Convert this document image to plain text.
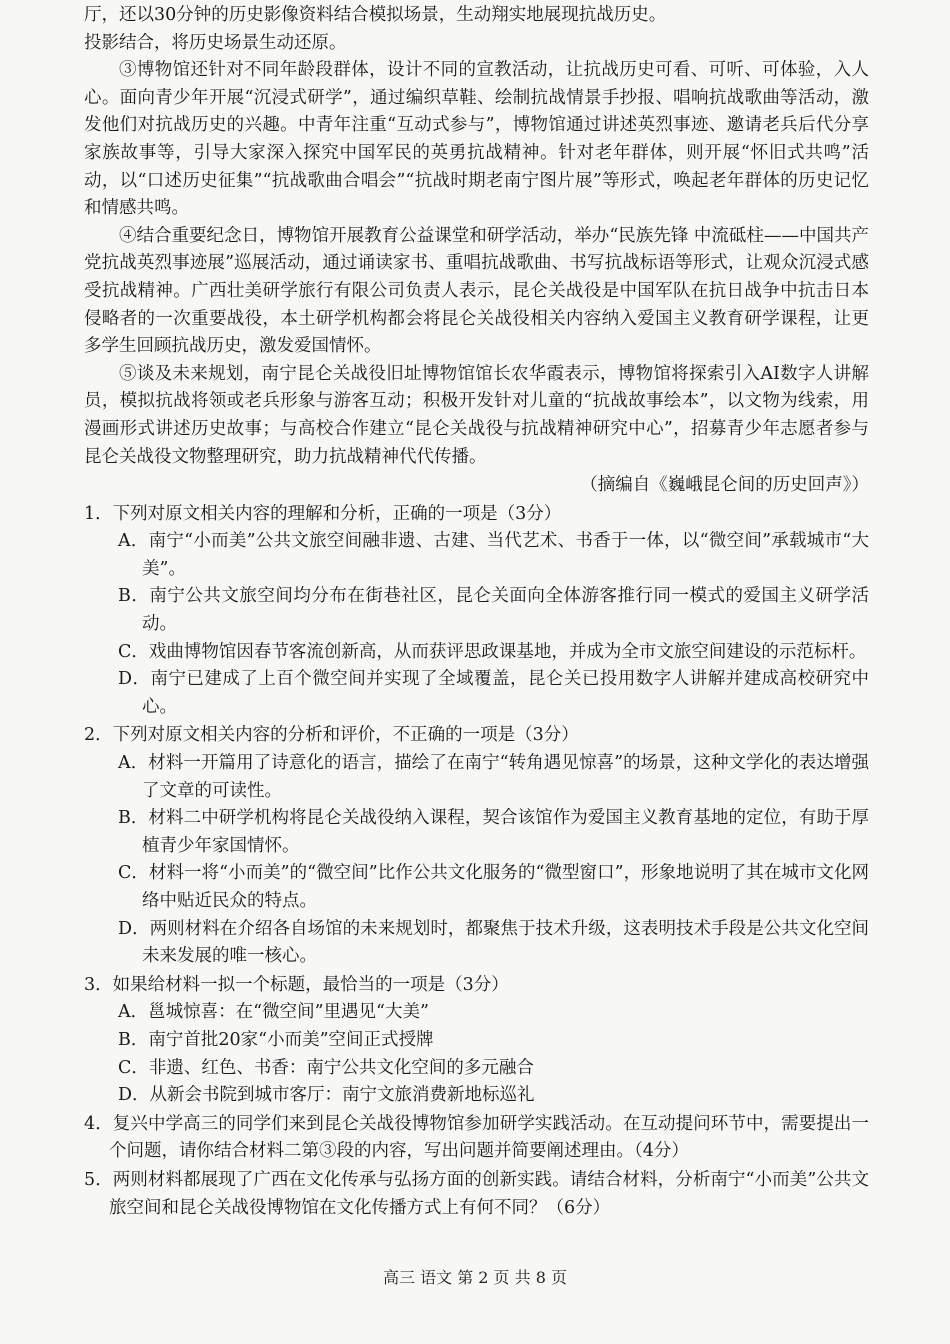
厅，还以30分钟的历史影像资料结合模拟场景，生动翔实地展现抗战历史。

投影结合，将历史场景生动还原。

③博物馆还针对不同年龄段群体，设计不同的宣教活动，让抗战历史可看、可听、可体验，入人心。面向青少年开展“沉浸式研学”，通过编织草鞋、绘制抗战情景手抄报、唱响抗战歌曲等活动，激发他们对抗战历史的兴趣。中青年注重“互动式参与”，博物馆通过讲述英烈事迹、邀请老兵后代分享家族故事等，引导大家深入探究中国军民的英勇抗战精神。针对老年群体，则开展“怀旧式共鸣”活动，以“口述历史征集”“抗战歌曲合唱会”“抗战时期老南宁图片展”等形式，唤起老年群体的历史记忆和情感共鸣。

④结合重要纪念日，博物馆开展教育公益课堂和研学活动，举办“民族先锋 中流砥柱——中国共产党抗战英烈事迹展”巡展活动，通过诵读家书、重唱抗战歌曲、书写抗战标语等形式，让观众沉浸式感受抗战精神。广西壮美研学旅行有限公司负责人表示，昆仑关战役是中国军队在抗日战争中抗击日本侵略者的一次重要战役，本土研学机构都会将昆仑关战役相关内容纳入爱国主义教育研学课程，让更多学生回顾抗战历史，激发爱国情怀。

⑤谈及未来规划，南宁昆仑关战役旧址博物馆馆长农华霞表示，博物馆将探索引入AI数字人讲解员，模拟抗战将领或老兵形象与游客互动；积极开发针对儿童的“抗战故事绘本”，以文物为线索，用漫画形式讲述历史故事；与高校合作建立“昆仑关战役与抗战精神研究中心”，招募青少年志愿者参与昆仑关战役文物整理研究，助力抗战精神代代传播。

（摘编自《巍峨昆仑间的历史回声》）

1．下列对原文相关内容的理解和分析，正确的一项是（3分）

A．南宁“小而美”公共文旅空间融非遗、古建、当代艺术、书香于一体，以“微空间”承载城市“大美”。

B．南宁公共文旅空间均分布在街巷社区，昆仑关面向全体游客推行同一模式的爱国主义研学活动。

C．戏曲博物馆因春节客流创新高，从而获评思政课基地，并成为全市文旅空间建设的示范标杆。

D．南宁已建成了上百个微空间并实现了全域覆盖，昆仑关已投用数字人讲解并建成高校研究中心。

2．下列对原文相关内容的分析和评价，不正确的一项是（3分）

A．材料一开篇用了诗意化的语言，描绘了在南宁“转角遇见惊喜”的场景，这种文学化的表达增强了文章的可读性。

B．材料二中研学机构将昆仑关战役纳入课程，契合该馆作为爱国主义教育基地的定位，有助于厚植青少年家国情怀。

C．材料一将“小而美”的“微空间”比作公共文化服务的“微型窗口”，形象地说明了其在城市文化网络中贴近民众的特点。

D．两则材料在介绍各自场馆的未来规划时，都聚焦于技术升级，这表明技术手段是公共文化空间未来发展的唯一核心。

3．如果给材料一拟一个标题，最恰当的一项是（3分）

A．邕城惊喜：在“微空间”里遇见“大美”

B．南宁首批20家“小而美”空间正式授牌

C．非遗、红色、书香：南宁公共文化空间的多元融合

D．从新会书院到城市客厅：南宁文旅消费新地标巡礼

4．复兴中学高三的同学们来到昆仑关战役博物馆参加研学实践活动。在互动提问环节中，需要提出一个问题，请你结合材料二第③段的内容，写出问题并简要阐述理由。（4分）

5．两则材料都展现了广西在文化传承与弘扬方面的创新实践。请结合材料，分析南宁“小而美”公共文旅空间和昆仑关战役博物馆在文化传播方式上有何不同？（6分）

高三 语文 第 2 页 共 8 页
